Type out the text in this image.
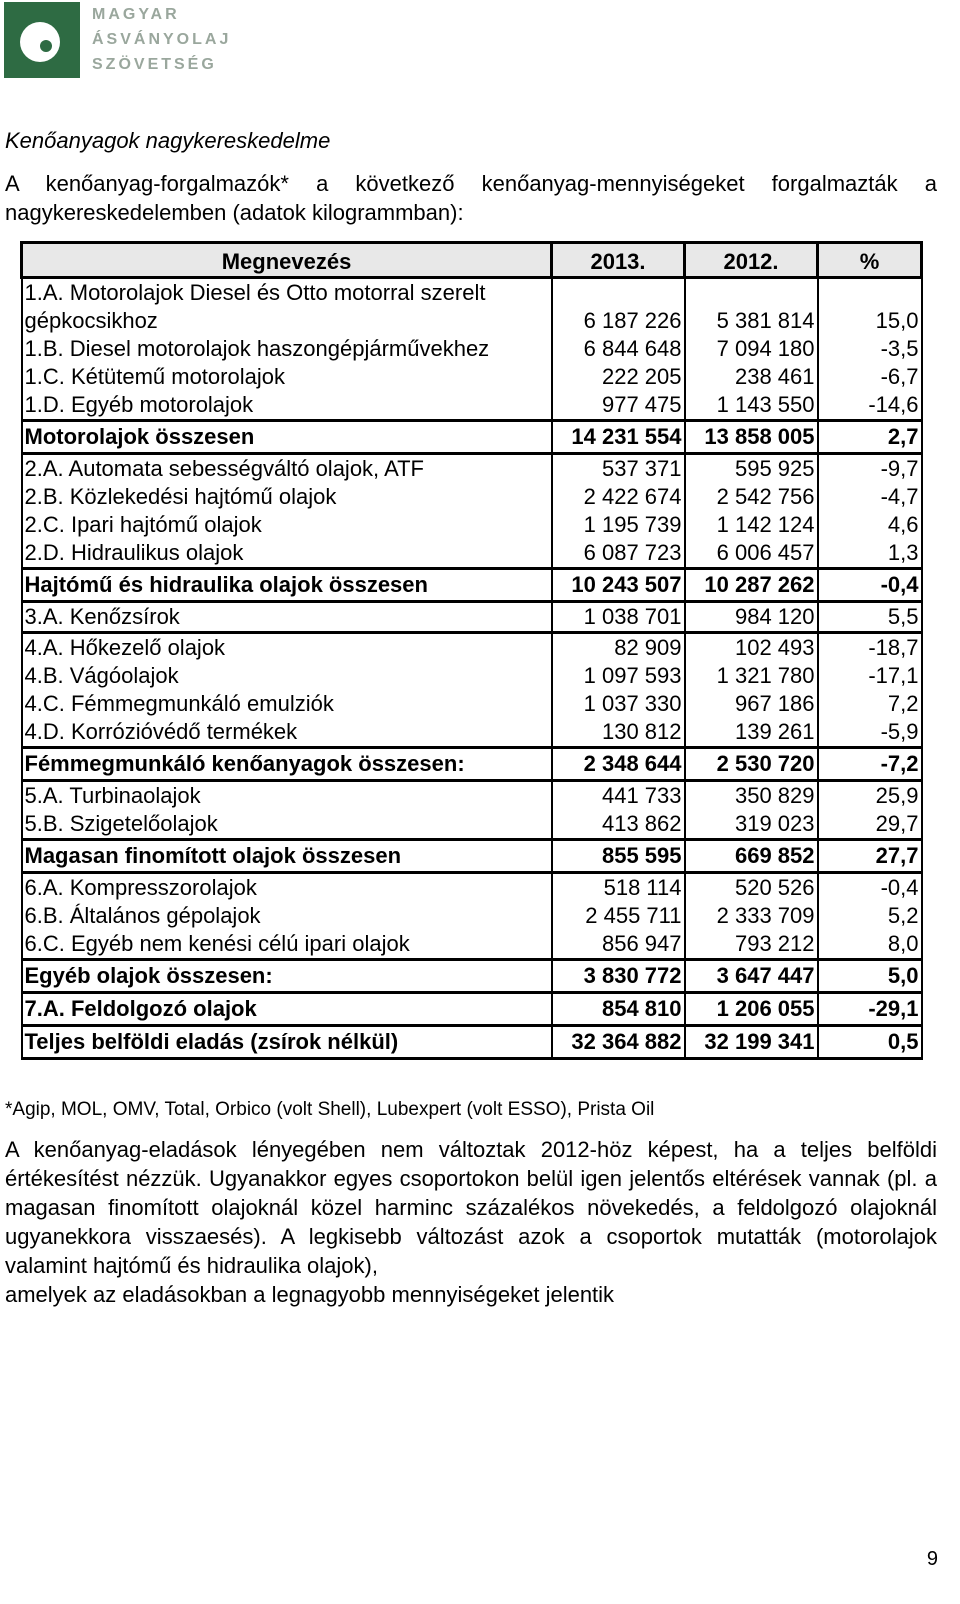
MAGYAR
ÁSVÁNYOLAJ
SZÖVETSÉG
Kenőanyagok nagykereskedelme
A kenőanyag-forgalmazók* a következő kenőanyag-mennyiségeket forgalmazták a nagykereskedelemben (adatok kilogrammban):
Megnevezés	2013.	2012.	%
1.A. Motorolajok Diesel és Otto motorral szerelt gépkocsikhoz	6 187 226	5 381 814	15,0
1.B. Diesel motorolajok haszongépjárművekhez	6 844 648	7 094 180	-3,5
1.C. Kétütemű motorolajok	222 205	238 461	-6,7
1.D. Egyéb motorolajok	977 475	1 143 550	-14,6
Motorolajok összesen	14 231 554	13 858 005	2,7
2.A. Automata sebességváltó olajok, ATF	537 371	595 925	-9,7
2.B. Közlekedési hajtómű olajok	2 422 674	2 542 756	-4,7
2.C. Ipari hajtómű olajok	1 195 739	1 142 124	4,6
2.D. Hidraulikus olajok	6 087 723	6 006 457	1,3
Hajtómű és hidraulika olajok összesen	10 243 507	10 287 262	-0,4
3.A. Kenőzsírok	1 038 701	984 120	5,5
4.A. Hőkezelő olajok	82 909	102 493	-18,7
4.B. Vágóolajok	1 097 593	1 321 780	-17,1
4.C. Fémmegmunkáló emulziók	1 037 330	967 186	7,2
4.D. Korrózióvédő termékek	130 812	139 261	-5,9
Fémmegmunkáló kenőanyagok összesen:	2 348 644	2 530 720	-7,2
5.A. Turbinaolajok	441 733	350 829	25,9
5.B. Szigetelőolajok	413 862	319 023	29,7
Magasan finomított olajok összesen	855 595	669 852	27,7
6.A. Kompresszorolajok	518 114	520 526	-0,4
6.B. Általános gépolajok	2 455 711	2 333 709	5,2
6.C. Egyéb nem kenési célú ipari olajok	856 947	793 212	8,0
Egyéb olajok összesen:	3 830 772	3 647 447	5,0
7.A. Feldolgozó olajok	854 810	1 206 055	-29,1
Teljes belföldi eladás (zsírok nélkül)	32 364 882	32 199 341	0,5
*Agip, MOL, OMV, Total, Orbico (volt Shell), Lubexpert (volt ESSO), Prista Oil
A kenőanyag-eladások lényegében nem változtak 2012-höz képest, ha a teljes belföldi értékesítést nézzük. Ugyanakkor egyes csoportokon belül igen jelentős eltérések vannak (pl. a magasan finomított olajoknál közel harminc százalékos növekedés, a feldolgozó olajoknál ugyanekkora visszaesés). A legkisebb változást azok a csoportok mutatták (motorolajok valamint hajtómű és hidraulika olajok),
amelyek az eladásokban a legnagyobb mennyiségeket jelentik
9
